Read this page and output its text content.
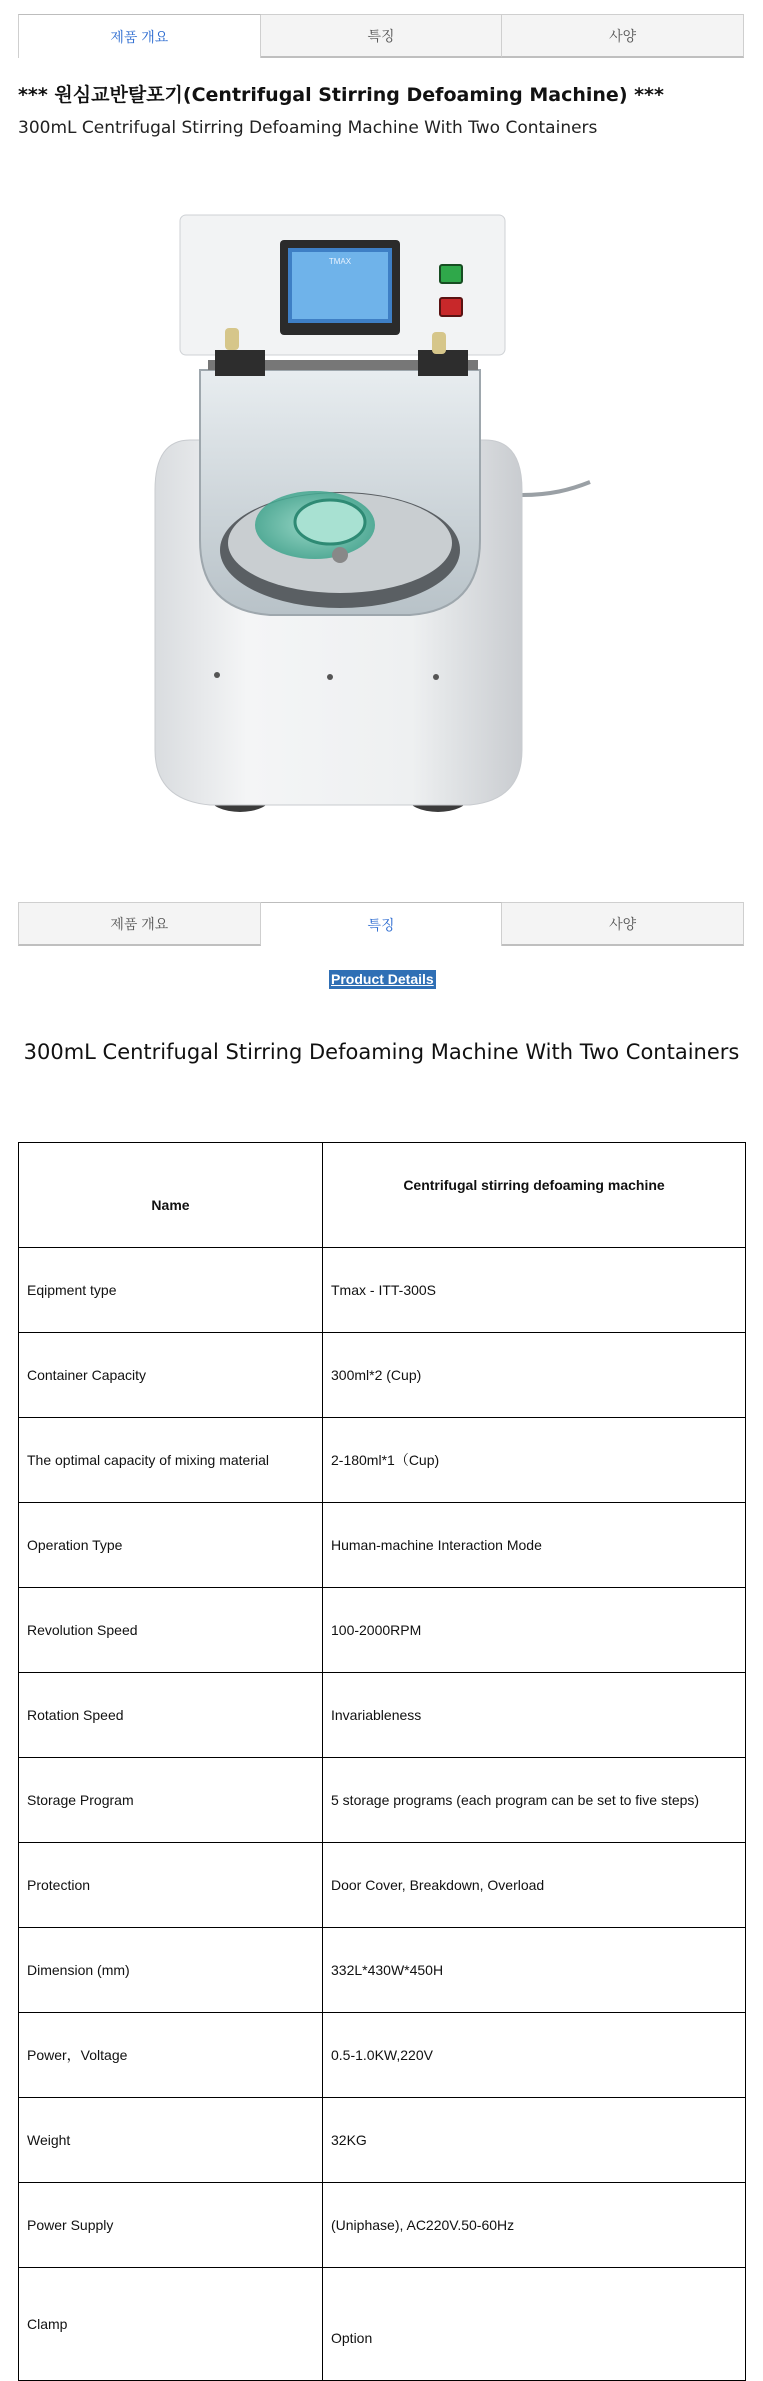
제품 개요	특징	사양
*** 원심교반탈포기(Centrifugal Stirring Defoaming Machine) ***
300mL Centrifugal Stirring Defoaming Machine With Two Containers
TMAX
제품 개요	특징	사양
Product Details
300mL Centrifugal Stirring Defoaming Machine With Two Containers
Name	Centrifugal stirring defoaming machine
Eqipment type	Tmax - ITT-300S
Container Capacity	300ml*2 (Cup)
The optimal capacity of mixing material	2-180ml*1（Cup)
Operation Type	Human-machine Interaction Mode
Revolution Speed	100-2000RPM
Rotation Speed	Invariableness
Storage Program	5 storage programs (each program can be set to five steps)
Protection	Door Cover, Breakdown, Overload
Dimension (mm)	332L*430W*450H
Power，Voltage	0.5-1.0KW,220V
Weight	32KG
Power Supply	(Uniphase), AC220V.50-60Hz
Clamp	Option
